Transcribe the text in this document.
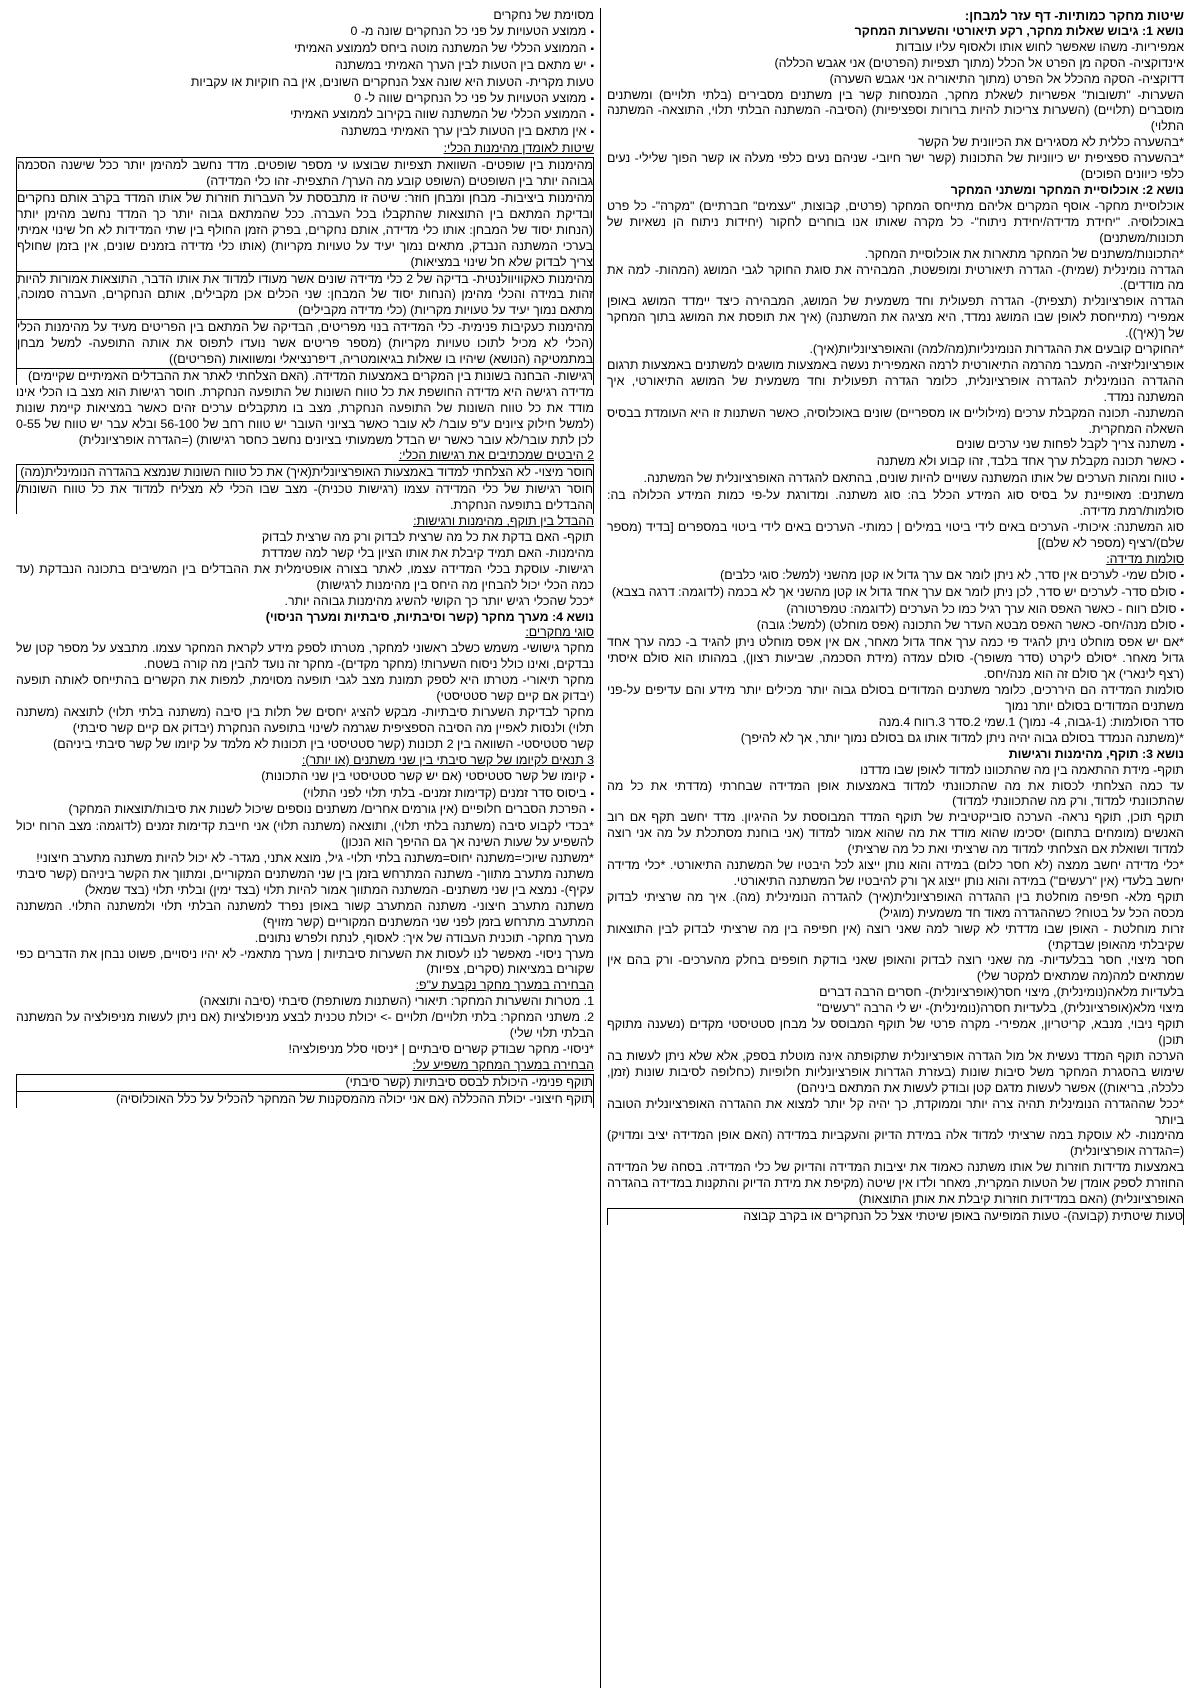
שיטות מחקר כמותיות- דף עזר למבחן:
נושא 1: גיבוש שאלות מחקר, רקע תיאורטי והשערות המחקר
אמפיריות- משהו שאפשר לחוש אותו ולאסוף עליו עובדות
אינדוקציה- הסקה מן הפרט אל הכלל (מתוך תצפיות (הפרטים) אני אגבש הכללה)
דדוקציה- הסקה מהכלל אל הפרט (מתוך התיאוריה אני אגבש השערה)
השערות- "תשובות" אפשריות לשאלת מחקר, המנסחות קשר בין משתנים מסבירים (בלתי תלויים) ומשתנים מוסברים (תלויים) (השערות צריכות להיות ברורות וספציפיות) (הסיבה- המשתנה הבלתי תלוי, התוצאה- המשתנה התלוי)
*בהשערה כללית לא מסגירים את הכיוונית של הקשר
*בהשערה ספציפית יש כיווניות של התכונות (קשר ישר חיובי- שניהם נעים כלפי מעלה או קשר הפוך שלילי- נעים כלפי כיוונים הפוכים)
נושא 2: אוכלוסיית המחקר ומשתני המחקר
אוכלוסיית מחקר- אוסף המקרים אליהם מתייחס המחקר (פרטים, קבוצות, "עצמים" חברתיים) "מקרה"- כל פרט באוכלוסיה. "יחידת מדידה/יחידת ניתוח"- כל מקרה שאותו אנו בוחרים לחקור (יחידות ניתוח הן נשאיות של תכונות/משתנים)
*התכונות/משתנים של המחקר מתארות את אוכלוסיית המחקר.
הגדרה נומינלית (שמית)- הגדרה תיאורטית ומופשטת, המבהירה את סוגת החוקר לגבי המושג (המהות- למה את מה מודדים).
הגדרה אופרציונלית (תצפית)- הגדרה תפעולית וחד משמעית של המושג, המבהירה כיצד יימדד המושג באופן אמפירי (מתייחסת לאופן שבו המושג נמדד, היא מציגה את המשתנה) (איך את תופסת את המושג בתוך המחקר של ך(איך)).
*החוקרים קובעים את ההגדרות הנומינליות(מה/למה) והאופרציונליות(איך).
אופרציונליזציה- המעבר מהרמה התיאורטית לרמה האמפירית נעשה באמצעות מושגים למשתנים באמצעות תרגום ההגדרה הנומינלית להגדרה אופרציונלית, כלומר הגדרה תפעולית וחד משמעית של המושג התיאורטי, איך המשתנה נמדד.
המשתנה- תכונה המקבלת ערכים (מילוליים או מספריים) שונים באוכלוסיה, כאשר השתנות זו היא העומדת בבסיס השאלה המחקרית.
▪ משתנה צריך לקבל לפחות שני ערכים שונים
▪ כאשר תכונה מקבלת ערך אחד בלבד, זהו קבוע ולא משתנה
▪ טווח ומהות הערכים של אותו המשתנה עשויים להיות שונים, בהתאם להגדרה האופרציונלית של המשתנה.
משתנים: מאופיינת על בסיס סוג המידע הכלל בה: סוג משתנה. ומדורגת על-פי כמות המידע הכלולה בה: סולמות/רמת מדידה.
סוג המשתנה: איכותי- הערכים באים לידי ביטוי במילים | כמותי- הערכים באים לידי ביטוי במספרים [בדיד (מספר שלם)/רציף (מספר לא שלם)]
סולמות מדידה:
▪ סולם שמי- לערכים אין סדר, לא ניתן לומר אם ערך גדול או קטן מהשני (למשל: סוגי כלבים)
▪ סולם סדר- לערכים יש סדר, לכן ניתן לומר אם ערך אחד גדול או קטן מהשני אך לא בכמה (לדוגמה: דרגה בצבא)
▪ סולם רווח - כאשר האפס הוא ערך רגיל כמו כל הערכים (לדוגמה: טמפרטורה)
▪ סולם מנה/יחס- כאשר האפס מבטא העדר של התכונה (אפס מוחלט) (למשל: גובה)
*אם יש אפס מוחלט ניתן להגיד פי כמה ערך אחד גדול מאחר, אם אין אפס מוחלט ניתן להגיד ב- כמה ערך אחד גדול מאחר. *סולם ליקרט (סדר משופר)- סולם עמדה (מידת הסכמה, שביעות רצון), במהותו הוא סולם איסתי (רצף לינארי) אך סולם זה הוא מנה/יחס.
סולמות המדידה הם היררכים, כלומר משתנים המדודים בסולם גבוה יותר מכילים יותר מידע והם עדיפים על-פני משתנים המדודים בסולם יותר נמוך
סדר הסולמות: (1-גבוה, 4- נמוך) 1.שמי 2.סדר 3.רווח 4.מנה
*(משתנה הנמדד בסולם גבוה יהיה ניתן למדוד אותו גם בסולם נמוך יותר, אך לא להיפך)
נושא 3: תוקף, מהימנות ורגישות
תוקף- מידת ההתאמה בין מה שהתכוונו למדוד לאופן שבו מדדנו
עד כמה הצלחתי לכסות את מה שהתכוונתי למדוד באמצעות אופן המדידה שבחרתי (מדדתי את כל מה שהתכוונתי למדוד, ורק מה שהתכוונתי למדוד)
תוקף תוכן, תוקף נראה- הערכה סובייקטיבית של תוקף המדד המבוססת על ההיגיון. מדד יחשב תקף אם רוב האנשים (מומחים בתחום) יסכימו שהוא מודד את מה שהוא אמור למדוד (אני בוחנת מסתכלת על מה אני רוצה למדוד ושואלת אם הצלחתי למדוד מה שרציתי ואת כל מה שרציתי)
*כלי מדידה יחשב ממצה (לא חסר כלום) במידה והוא נותן ייצוג לכל היבטיו של המשתנה התיאורטי. *כלי מדידה יחשב בלעדי (אין "רעשים") במידה והוא נותן ייצוג אך ורק להיבטיו של המשתנה התיאורטי.
תוקף מלא- חפיפה מוחלטת בין ההגדרה האופרציונלית(איך) להגדרה הנומינלית (מה). איך מה שרציתי לבדוק מכסה הכל על בטוח? כשההגדרה מאוד חד משמעית (מוגיל)
זרות מוחלטת - האופן שבו מדדתי לא קשור למה שאני רוצה (אין חפיפה בין מה שרציתי לבדוק לבין התוצאות שקיבלתי מהאופן שבדקתי)
חסר מיצוי, חסר בבלעדיות- מה שאני רוצה לבדוק והאופן שאני בודקת חופפים בחלק מהערכים- ורק בהם אין שמתאים למה(מה שמתאים למקטר שלי)
בלעדיות מלאה(נומינלית), מיצוי חסר(אופרציונלית)- חסרים הרבה דברים
מיצוי מלא(אופרציונלית), בלעדיות חסרה(נומינלית)- יש לי הרבה "רעשים"
תוקף ניבוי, מנבא, קריטריון, אמפירי- מקרה פרטי של תוקף המבוסס על מבחן סטטיסטי מקדים (נשענה מתוקף תוכן)
הערכה תוקף המדד נעשית אל מול הגדרה אופרציונלית שתקופתה אינה מוטלת בספק, אלא שלא ניתן לעשות בה שימוש בהסגרת המחקר משל סיבות שונות (בעזרת הגדרות אופרציונליות חלופיות (כחלופה לסיבות שונות (זמן, כלכלה, בריאות)) אפשר לעשות מדגם קטן ובודק לעשות את המתאם ביניהם)
*ככל שההגדרה הנומינלית תהיה צרה יותר וממוקדת, כך יהיה קל יותר למצוא את ההגדרה האופרציונלית הטובה ביותר
מהימנות- לא עוסקת במה שרציתי למדוד אלה במידת הדיוק והעקביות במדידה (האם אופן המדידה יציב ומדויק) (=הגדרה אופרציונלית)
באמצעות מדידות חוזרות של אותו משתנה כאמוד את יציבות המדידה והדיוק של כלי המדידה. בסחה של המדידה החוזרת לספק אומדן של הטעות המקרית, מאחר ולדו אין שיטה (מקיפת את מידת הדיוק והתקנות במדידה בהגדרה האופרציונלית) (האם במדידות חוזרות קיבלת את אותן התוצאות)
טעות שיטתית (קבועה)- טעות המופיעה באופן שיטתי אצל כל הנחקרים או בקרב קבוצה
מסוימת של נחקרים
▪ ממוצע הטעויות על פני כל הנחקרים שונה מ- 0
▪ הממוצע הכללי של המשתנה מוטה ביחס לממוצע האמיתי
▪ יש מתאם בין הטעות לבין הערך האמיתי במשתנה
טעות מקרית- הטעות היא שונה אצל הנחקרים השונים, אין בה חוקיות או עקביות
▪ ממוצע הטעויות על פני כל הנחקרים שווה ל- 0
▪ הממוצע הכללי של המשתנה שווה בקירוב לממוצע האמיתי
▪ אין מתאם בין הטעות לבין ערך האמיתי במשתנה
שיטות לאומדן מהימנות הכלי:
מהימנות בין שופטים- השוואת תצפיות שבוצעו עי מספר שופטים. מדד נחשב למהימן יותר ככל שישנה הסכמה גבוהה יותר בין השופטים (השופט קובע מה הערך/ התצפית- זהו כלי המדידה)
מהימנות ביציבות- מבחן ומבחן חוזר: שיטה זו מתבססת על העברות חוזרות של אותו המדד בקרב אותם נחקרים ובדיקת המתאם בין התוצאות שהתקבלו בכל העברה. ככל שהמתאם גבוה יותר כך המדד נחשב מהימן יותר (הנחות יסוד של המבחן: אותו כלי מדידה, אותם נחקרים, בפרק הזמן החולף בין שתי המדידות לא חל שינוי אמיתי בערכי המשתנה הנבדק, מתאים נמוך יעיד על טעויות מקריות) (אותו כלי מדידה בזמנים שונים, אין בזמן שחולף צריך לבדוק שלא חל שינוי במציאות)
מהימנות כאקוויוולנטית- בדיקה של 2 כלי מדידה שונים אשר מעודו למדוד את אותו הדבר, התוצאות אמורות להיות זהות במידה והכלי מהימן (הנחות יסוד של המבחן: שני הכלים אכן מקבילים, אותם הנחקרים, העברה סמוכה, מתאם נמוך יעיד על טעויות מקריות) (כלי מדידה מקבילים)
מהימנות כעקיבות פנימית- כלי המדידה בנוי מפריטים, הבדיקה של המתאם בין הפריטים מעיד על מהימנות הכלי (הכלי לא מכיל לתוכו טעויות מקריות) (מספר פריטים אשר נועדו לתפוס את אותה התופעה- למשל מבחן במתמטיקה (הנושא) שיהיו בו שאלות בגיאומטריה, דיפרנציאלי ומשוואות (הפריטים))
רגישות- הבחנה בשונות בין המקרים באמצעות המדידה. (האם הצלחתי לאתר את ההבדלים האמיתיים שקיימים)
מדידה רגישה היא מדידה החושפת את כל טווח השונות של התופעה הנחקרת. חוסר רגישות הוא מצב בו הכלי אינו מודד את כל טווח השונות של התופעה הנחקרת, מצב בו מתקבלים ערכים זהים כאשר במציאות קיימת שונות (למשל חילוק ציונים ע"פ עובר/ לא עובר כאשר בציוני העובר יש טווח רחב של 56-100 ובלא עבר יש טווח של 0-55 לכן לתת עובר/לא עובר כאשר יש הבדל משמעותי בציונים נחשב כחסר רגישות) (=הגדרה אופרציונלית)
2 היבטים שמכתיבים את רגישות הכלי:
חוסר מיצוי- לא הצלחתי למדוד באמצעות האופרציונלית(איך) את כל טווח השונות שנמצא בהגדרה הנומינלית(מה)
חוסר רגישות של כלי המדידה עצמו (רגישות טכנית)- מצב שבו הכלי לא מצליח למדוד את כל טווח השונות/ ההבדלים בתופעה הנחקרת.
ההבדל בין תוקף, מהימנות ורגישות:
תוקף- האם בדקת את כל מה שרצית לבדוק ורק מה שרצית לבדוק
מהימנות- האם תמיד קיבלת את אותו הציון בלי קשר למה שמדדת
רגישות- עוסקת בכלי המדידה עצמו, לאתר בצורה אופטימלית את ההבדלים בין המשיבים בתכונה הנבדקת (עד כמה הכלי יכול להבחין מה היחס בין מהימנות לרגישות)
*ככל שהכלי רגיש יותר כך הקושי להשיג מהימנות גבוהה יותר.
נושא 4: מערך מחקר (קשר וסיבתיות, סיבתיות ומערך הניסוי)
סוגי מחקרים:
מחקר גישושי- משמש כשלב ראשוני למחקר, מטרתו לספק מידע לקראת המחקר עצמו. מתבצע על מספר קטן של נבדקים, ואינו כולל ניסוח השערות! (מחקר מקדים)- מחקר זה נועד להבין מה קורה בשטח.
מחקר תיאורי- מטרתו היא לספק תמונת מצב לגבי תופעה מסוימת, למפות את הקשרים בהתייחס לאותה תופעה (יבדוק אם קיים קשר סטטיסטי)
מחקר לבדיקת השערות סיבתיות- מבקש להציג יחסים של תלות בין סיבה (משתנה בלתי תלוי) לתוצאה (משתנה תלוי) ולנסות לאפיין מה הסיבה הספציפית שגרמה לשינוי בתופעה הנחקרת (יבדוק אם קיים קשר סיבתי)
קשר סטטיסטי- השוואה בין 2 תכונות (קשר סטטיסטי בין תכונות לא מלמד על קיומו של קשר סיבתי ביניהם)
3 תנאים לקיומו של קשר סיבתי בין שני משתנים (או יותר):
▪ קיומו של קשר סטטיסטי (אם יש קשר סטטיסטי בין שני התכונות)
▪ ביסוס סדר זמנים (קדימות זמנים- בלתי תלוי לפני התלוי)
▪ הפרכת הסברים חלופיים (אין גורמים אחרים/ משתנים נוספים שיכול לשנות את סיבות/תוצאות המחקר)
*בכדי לקבוע סיבה (משתנה בלתי תלוי), ותוצאה (משתנה תלוי) אני חייבת קדימות זמנים (לדוגמה: מצב הרוח יכול להשפיע על שעות השינה אך גם ההיפך הוא הנכון)
*משתנה שיוכי=משתנה יחוס=משתנה בלתי תלוי- גיל, מוצא אתני, מגדר- לא יכול להיות משתנה מתערב חיצוני!
משתנה מתערב מתווך- משתנה המתרחש בזמן בין שני המשתנים המקוריים, ומתווך את הקשר ביניהם (קשר סיבתי עקיף)- נמצא בין שני משתנים- המשתנה המתווך אמור להיות תלוי (בצד ימין) ובלתי תלוי (בצד שמאל)
משתנה מתערב חיצוני- משתנה המתערב קשור באופן נפרד למשתנה הבלתי תלוי ולמשתנה התלוי. המשתנה המתערב מתרחש בזמן לפני שני המשתנים המקוריים (קשר מזויף)
מערך מחקר- תוכנית העבודה של איך: לאסוף, לנתח ולפרש נתונים.
מערך ניסוי- מאפשר לנו לעסות את השערות סיבתיות | מערך מתאמי- לא יהיו ניסויים, פשוט נבחן את הדברים כפי שקורים במציאות (סקרים, צפיות)
הבחירה במערך מחקר נקבעת ע"פ:
1. מטרות והשערות המחקר: תיאורי (השתנות משותפת) סיבתי (סיבה ותוצאה)
2. משתני המחקר: בלתי תלויים/ תלויים -> יכולת טכנית לבצע מניפולציות (אם ניתן לעשות מניפולציה על המשתנה הבלתי תלוי שלי)
*ניסוי- מחקר שבודק קשרים סיבתיים | *ניסוי סלל מניפולציה!
הבחירה במערך המחקר משפיע על:
תוקף פנימי- היכולת לבסס סיבתיות (קשר סיבתי)
תוקף חיצוני- יכולת ההכללה (אם אני יכולה מהמסקנות של המחקר להכליל על כלל האוכלוסיה)
